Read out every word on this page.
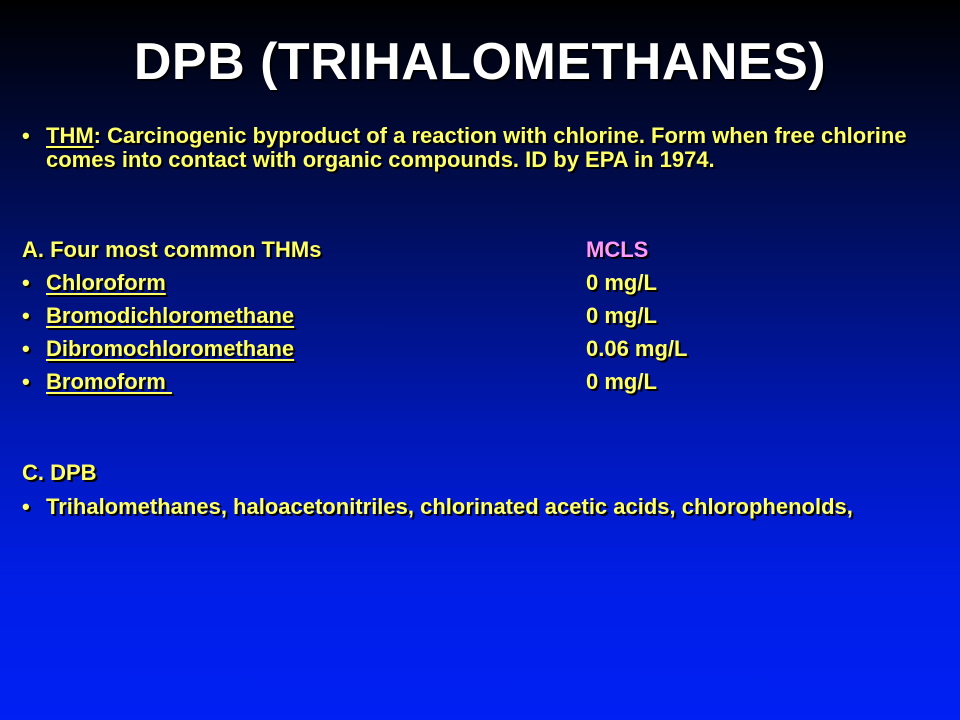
DPB (TRIHALOMETHANES)
• THM: Carcinogenic byproduct of a reaction with chlorine. Form when free chlorine comes into contact with organic compounds. ID by EPA in 1974.
A. Four most common THMs	MCLS
• Chloroform	0 mg/L
• Bromodichloromethane	0 mg/L
• Dibromochloromethane	0.06 mg/L
• Bromoform	0 mg/L
C. DPB
• Trihalomethanes, haloacetonitriles, chlorinated acetic acids, chlorophenolds,
